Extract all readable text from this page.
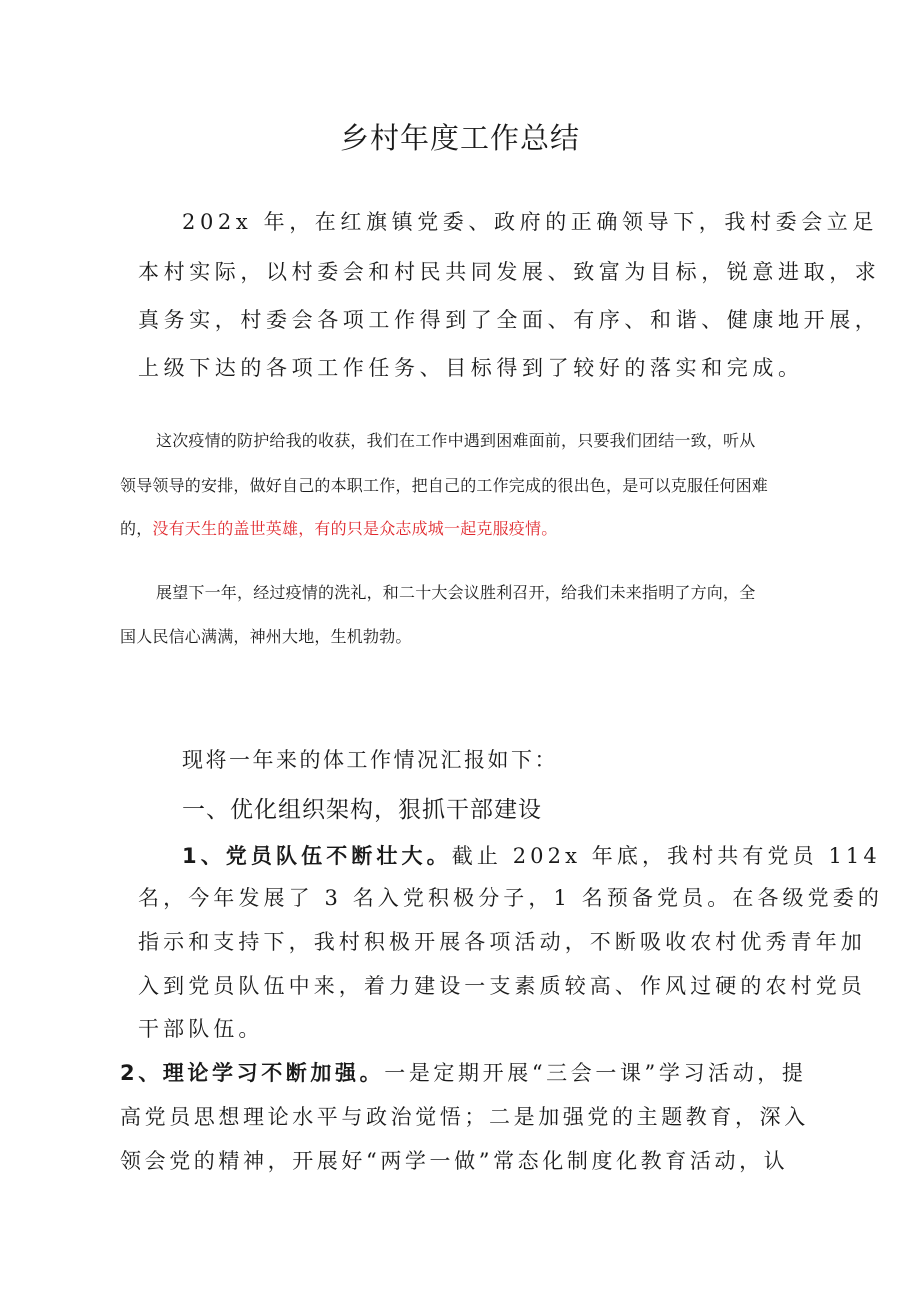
乡村年度工作总结
202x 年，在红旗镇党委、政府的正确领导下，我村委会立足
本村实际，以村委会和村民共同发展、致富为目标，锐意进取，求
真务实，村委会各项工作得到了全面、有序、和谐、健康地开展，
上级下达的各项工作任务、目标得到了较好的落实和完成。
这次疫情的防护给我的收获，我们在工作中遇到困难面前，只要我们团结一致，听从
领导领导的安排，做好自己的本职工作，把自己的工作完成的很出色，是可以克服任何困难
的，没有天生的盖世英雄，有的只是众志成城一起克服疫情。
展望下一年，经过疫情的洗礼，和二十大会议胜利召开，给我们未来指明了方向，全
国人民信心满满，神州大地，生机勃勃。
现将一年来的体工作情况汇报如下：
一、优化组织架构，狠抓干部建设
1、党员队伍不断壮大。截止 202x 年底，我村共有党员 114
名，今年发展了 3 名入党积极分子，1 名预备党员。在各级党委的
指示和支持下，我村积极开展各项活动，不断吸收农村优秀青年加
入到党员队伍中来，着力建设一支素质较高、作风过硬的农村党员
干部队伍。
2、理论学习不断加强。一是定期开展“三会一课”学习活动，提
高党员思想理论水平与政治觉悟；二是加强党的主题教育，深入
领会党的精神，开展好“两学一做”常态化制度化教育活动，认
